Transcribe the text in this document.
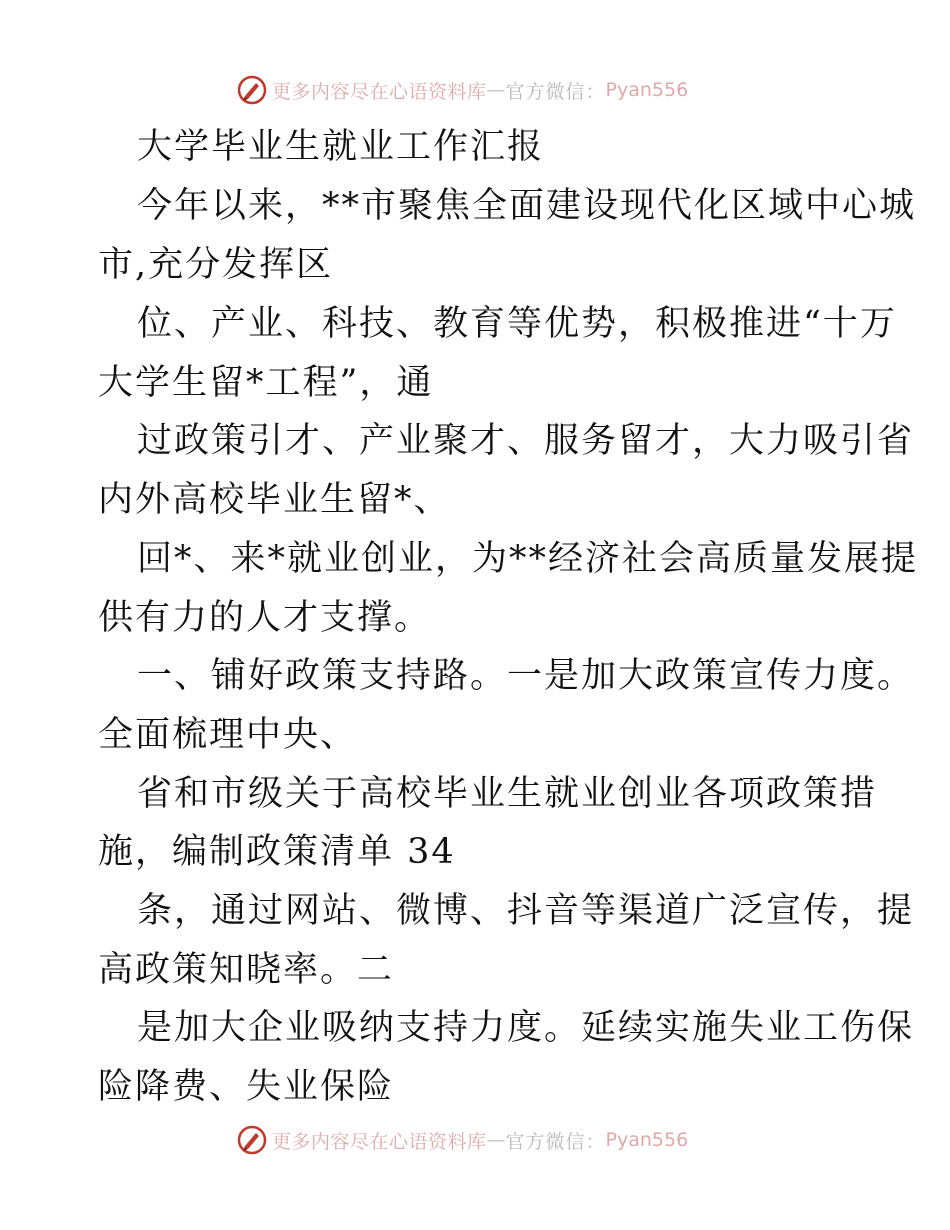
更多内容尽在心语资料库 — 官方微信： Pyan556
大学毕业生就业工作汇报
今年以来，**市聚焦全面建设现代化区域中心城
市,充分发挥区
位、产业、科技、教育等优势，积极推进“十万
大学生留*工程”，通
过政策引才、产业聚才、服务留才，大力吸引省
内外高校毕业生留*、
回*、来*就业创业，为**经济社会高质量发展提
供有力的人才支撑。
一、铺好政策支持路。一是加大政策宣传力度。
全面梳理中央、
省和市级关于高校毕业生就业创业各项政策措
施，编制政策清单 34
条，通过网站、微博、抖音等渠道广泛宣传，提
高政策知晓率。二
是加大企业吸纳支持力度。延续实施失业工伤保
险降费、失业保险
更多内容尽在心语资料库 — 官方微信： Pyan556
